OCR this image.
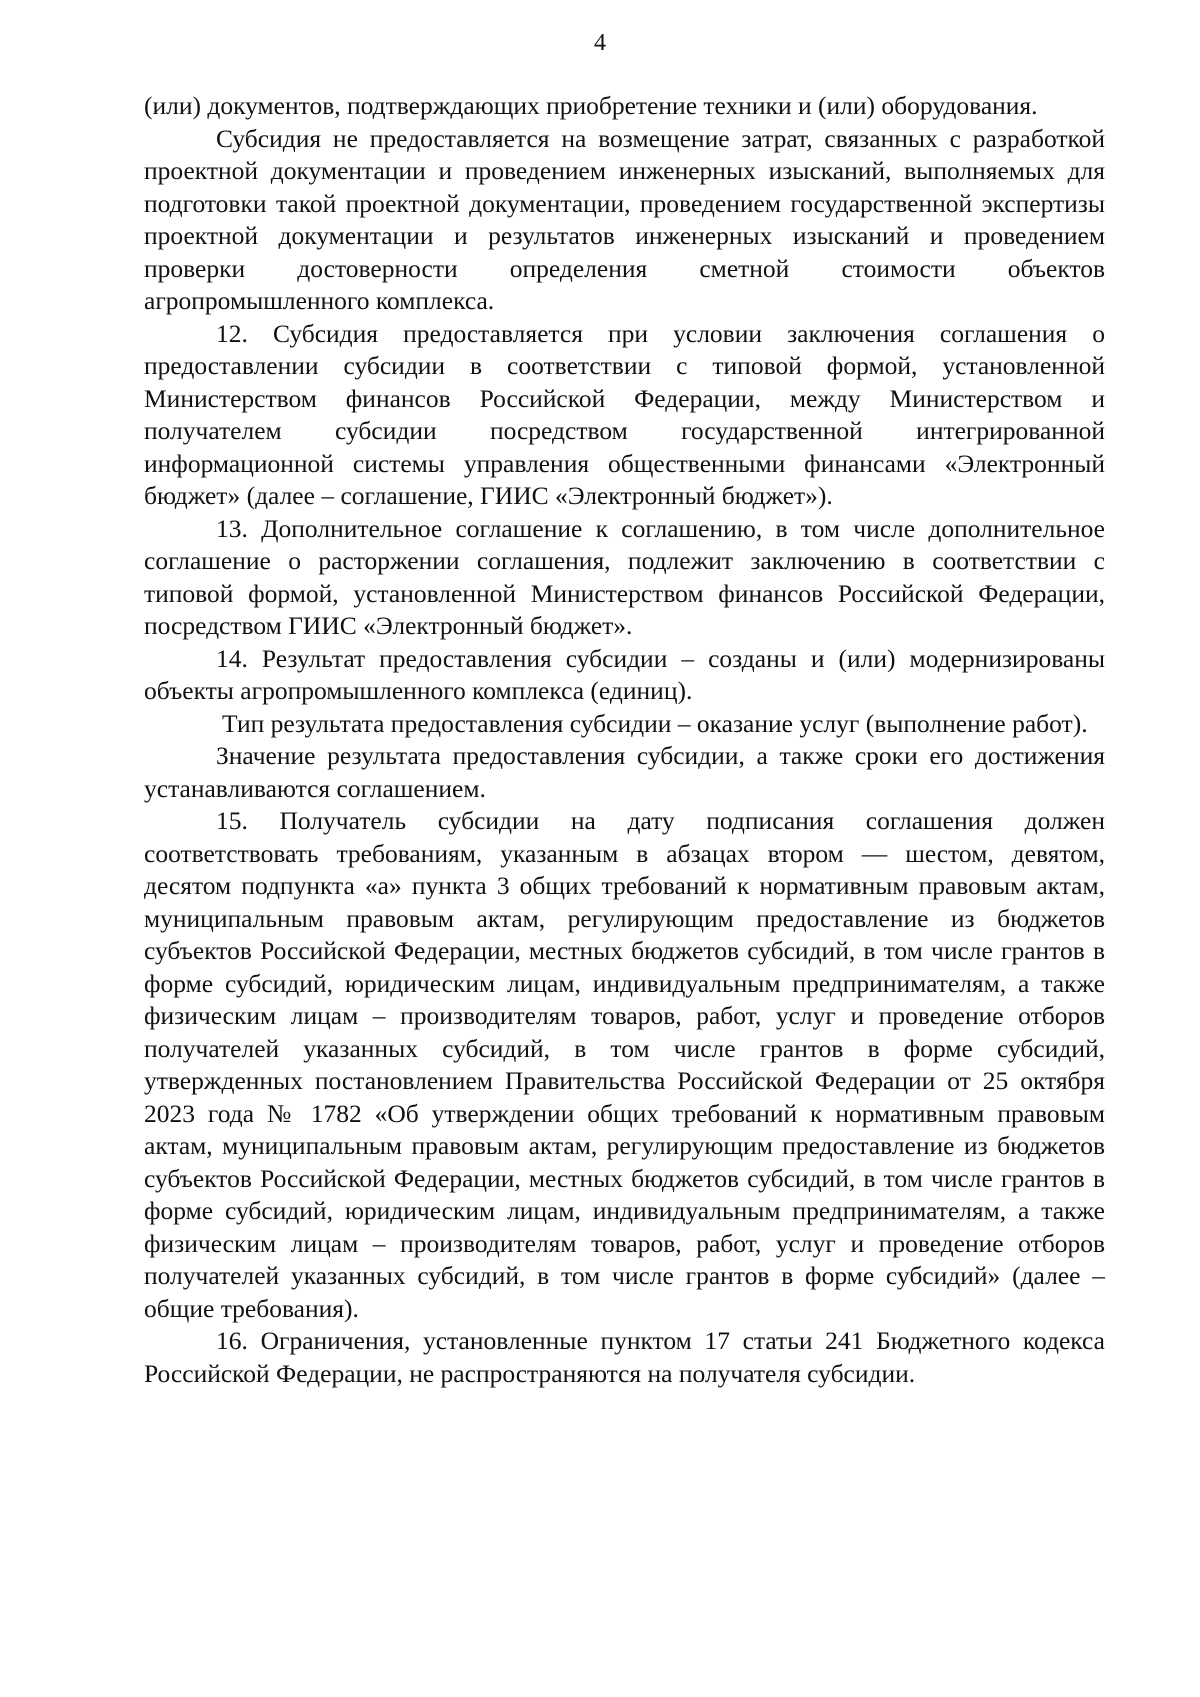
4

(или) документов, подтверждающих приобретение техники и (или) оборудования.

Субсидия не предоставляется на возмещение затрат, связанных с разработкой проектной документации и проведением инженерных изысканий, выполняемых для подготовки такой проектной документации, проведением государственной экспертизы проектной документации и результатов инженерных изысканий и проведением проверки достоверности определения сметной стоимости объектов агропромышленного комплекса.

12. Субсидия предоставляется при условии заключения соглашения о предоставлении субсидии в соответствии с типовой формой, установленной Министерством финансов Российской Федерации, между Министерством и получателем субсидии посредством государственной интегрированной информационной системы управления общественными финансами «Электронный бюджет» (далее – соглашение, ГИИС «Электронный бюджет»).

13. Дополнительное соглашение к соглашению, в том числе дополнительное соглашение о расторжении соглашения, подлежит заключению в соответствии с типовой формой, установленной Министерством финансов Российской Федерации, посредством ГИИС «Электронный бюджет».

14. Результат предоставления субсидии – созданы и (или) модернизированы объекты агропромышленного комплекса (единиц).

Тип результата предоставления субсидии – оказание услуг (выполнение работ).

Значение результата предоставления субсидии, а также сроки его достижения устанавливаются соглашением.

15. Получатель субсидии на дату подписания соглашения должен соответствовать требованиям, указанным в абзацах втором — шестом, девятом, десятом подпункта «а» пункта 3 общих требований к нормативным правовым актам, муниципальным правовым актам, регулирующим предоставление из бюджетов субъектов Российской Федерации, местных бюджетов субсидий, в том числе грантов в форме субсидий, юридическим лицам, индивидуальным предпринимателям, а также физическим лицам – производителям товаров, работ, услуг и проведение отборов получателей указанных субсидий, в том числе грантов в форме субсидий, утвержденных постановлением Правительства Российской Федерации от 25 октября 2023 года № 1782 «Об утверждении общих требований к нормативным правовым актам, муниципальным правовым актам, регулирующим предоставление из бюджетов субъектов Российской Федерации, местных бюджетов субсидий, в том числе грантов в форме субсидий, юридическим лицам, индивидуальным предпринимателям, а также физическим лицам – производителям товаров, работ, услуг и проведение отборов получателей указанных субсидий, в том числе грантов в форме субсидий» (далее – общие требования).

16. Ограничения, установленные пунктом 17 статьи 241 Бюджетного кодекса Российской Федерации, не распространяются на получателя субсидии.
